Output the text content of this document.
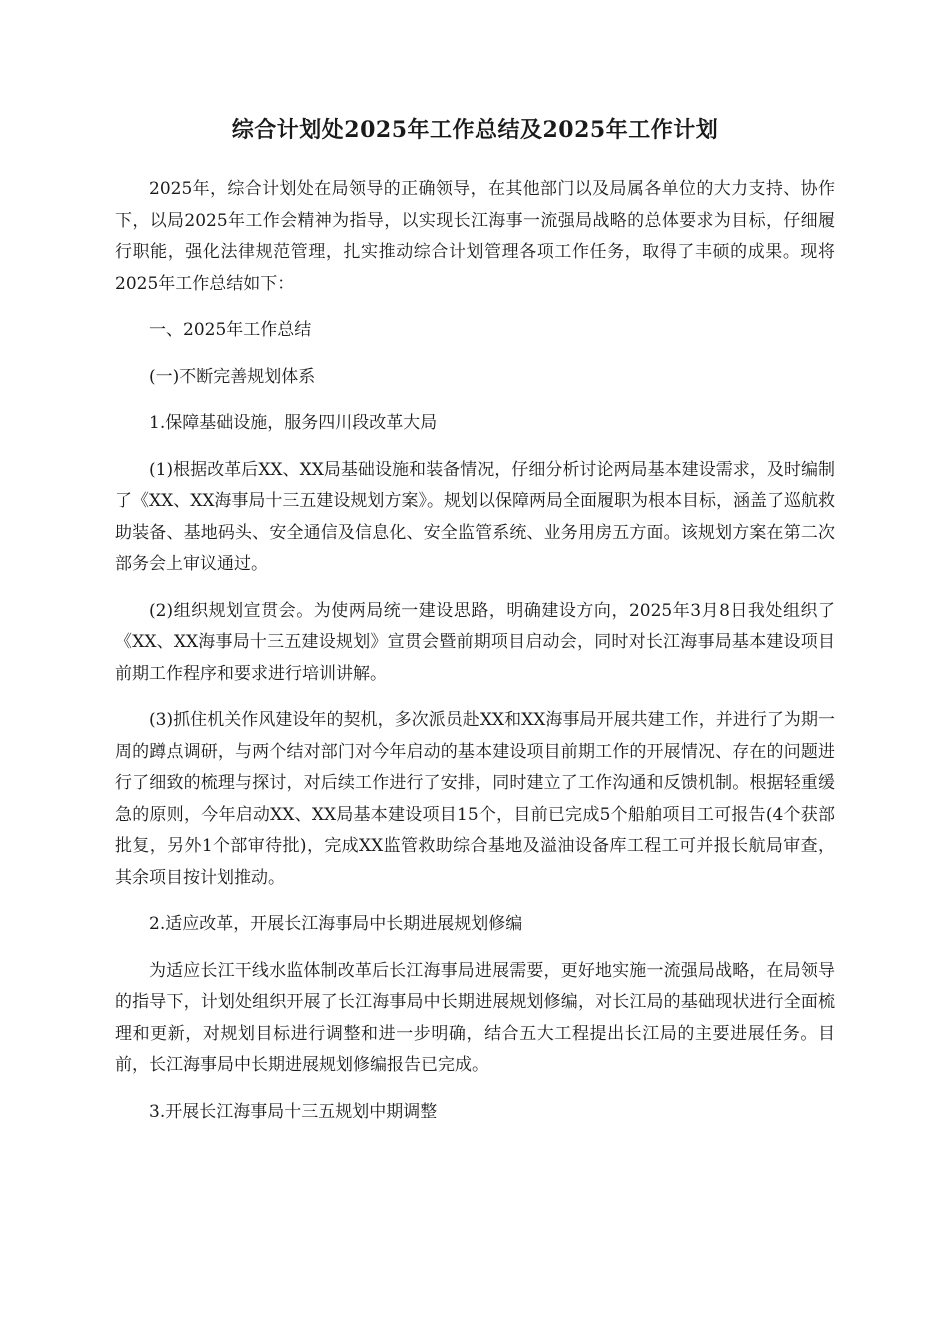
综合计划处2025年工作总结及2025年工作计划

2025年，综合计划处在局领导的正确领导，在其他部门以及局属各单位的大力支持、协作下，以局2025年工作会精神为指导，以实现长江海事一流强局战略的总体要求为目标，仔细履行职能，强化法律规范管理，扎实推动综合计划管理各项工作任务，取得了丰硕的成果。现将2025年工作总结如下：

一、2025年工作总结

(一)不断完善规划体系

1.保障基础设施，服务四川段改革大局

(1)根据改革后XX、XX局基础设施和装备情况，仔细分析讨论两局基本建设需求，及时编制了《XX、XX海事局十三五建设规划方案》。规划以保障两局全面履职为根本目标，涵盖了巡航救助装备、基地码头、安全通信及信息化、安全监管系统、业务用房五方面。该规划方案在第二次部务会上审议通过。

(2)组织规划宣贯会。为使两局统一建设思路，明确建设方向，2025年3月8日我处组织了《XX、XX海事局十三五建设规划》宣贯会暨前期项目启动会，同时对长江海事局基本建设项目前期工作程序和要求进行培训讲解。

(3)抓住机关作风建设年的契机，多次派员赴XX和XX海事局开展共建工作，并进行了为期一周的蹲点调研，与两个结对部门对今年启动的基本建设项目前期工作的开展情况、存在的问题进行了细致的梳理与探讨，对后续工作进行了安排，同时建立了工作沟通和反馈机制。根据轻重缓急的原则，今年启动XX、XX局基本建设项目15个，目前已完成5个船舶项目工可报告(4个获部批复，另外1个部审待批)，完成XX监管救助综合基地及溢油设备库工程工可并报长航局审查，其余项目按计划推动。

2.适应改革，开展长江海事局中长期进展规划修编

为适应长江干线水监体制改革后长江海事局进展需要，更好地实施一流强局战略，在局领导的指导下，计划处组织开展了长江海事局中长期进展规划修编，对长江局的基础现状进行全面梳理和更新，对规划目标进行调整和进一步明确，结合五大工程提出长江局的主要进展任务。目前，长江海事局中长期进展规划修编报告已完成。

3.开展长江海事局十三五规划中期调整
